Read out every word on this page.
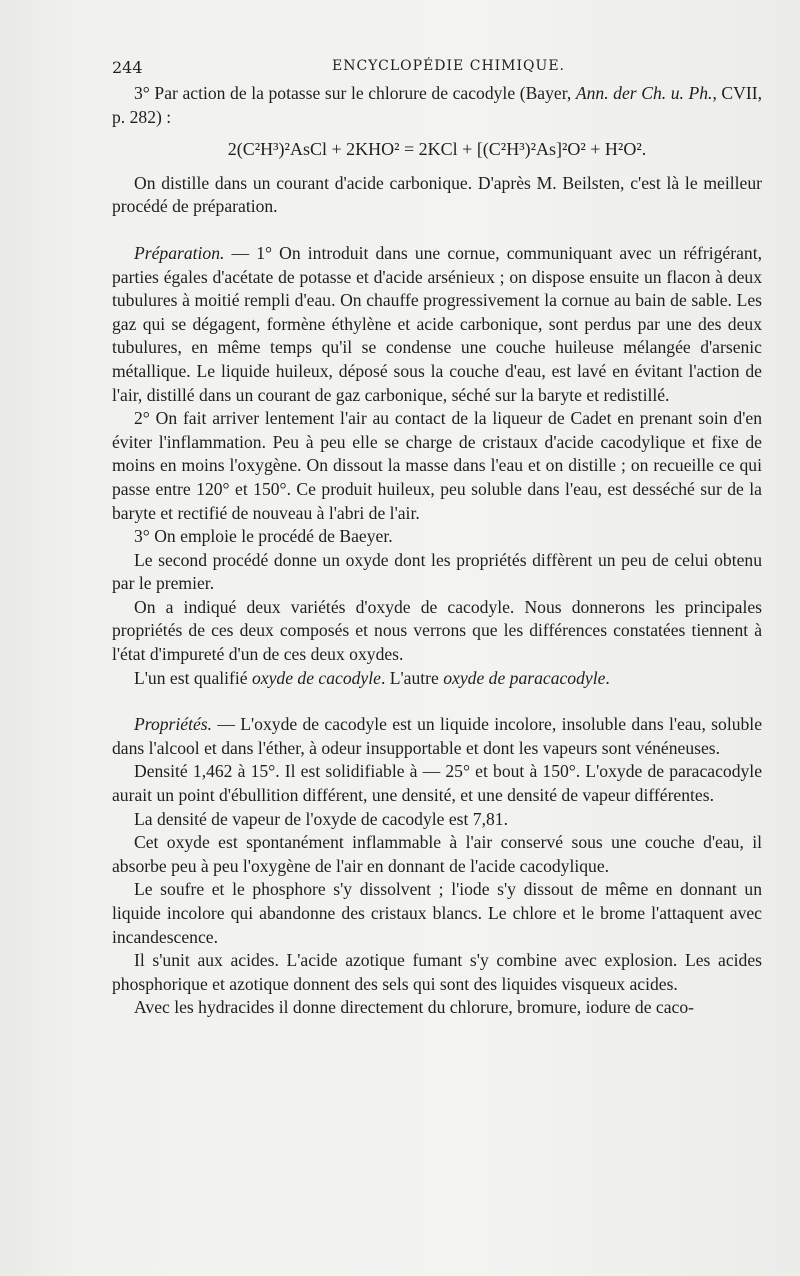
244	ENCYCLOPÉDIE CHIMIQUE.

3° Par action de la potasse sur le chlorure de cacodyle (Bayer, Ann. der Ch. u. Ph., CVII, p. 282) :

2(C²H³)²AsCl + 2KHO² = 2KCl + [(C²H³)²As]²O² + H²O².

On distille dans un courant d'acide carbonique. D'après M. Beilsten, c'est là le meilleur procédé de préparation.

Préparation. — 1° On introduit dans une cornue, communiquant avec un réfrigérant, parties égales d'acétate de potasse et d'acide arsénieux ; on dispose ensuite un flacon à deux tubulures à moitié rempli d'eau. On chauffe progressivement la cornue au bain de sable. Les gaz qui se dégagent, formène éthylène et acide carbonique, sont perdus par une des deux tubulures, en même temps qu'il se condense une couche huileuse mélangée d'arsenic métallique. Le liquide huileux, déposé sous la couche d'eau, est lavé en évitant l'action de l'air, distillé dans un courant de gaz carbonique, séché sur la baryte et redistillé.

2° On fait arriver lentement l'air au contact de la liqueur de Cadet en prenant soin d'en éviter l'inflammation. Peu à peu elle se charge de cristaux d'acide cacodylique et fixe de moins en moins l'oxygène. On dissout la masse dans l'eau et on distille ; on recueille ce qui passe entre 120° et 150°. Ce produit huileux, peu soluble dans l'eau, est desséché sur de la baryte et rectifié de nouveau à l'abri de l'air.

3° On emploie le procédé de Baeyer.

Le second procédé donne un oxyde dont les propriétés diffèrent un peu de celui obtenu par le premier.

On a indiqué deux variétés d'oxyde de cacodyle. Nous donnerons les principales propriétés de ces deux composés et nous verrons que les différences constatées tiennent à l'état d'impureté d'un de ces deux oxydes.

L'un est qualifié oxyde de cacodyle. L'autre oxyde de paracacodyle.

Propriétés. — L'oxyde de cacodyle est un liquide incolore, insoluble dans l'eau, soluble dans l'alcool et dans l'éther, à odeur insupportable et dont les vapeurs sont vénéneuses.

Densité 1,462 à 15°. Il est solidifiable à — 25° et bout à 150°. L'oxyde de paracacodyle aurait un point d'ébullition différent, une densité, et une densité de vapeur différentes.

La densité de vapeur de l'oxyde de cacodyle est 7,81.

Cet oxyde est spontanément inflammable à l'air conservé sous une couche d'eau, il absorbe peu à peu l'oxygène de l'air en donnant de l'acide cacodylique.

Le soufre et le phosphore s'y dissolvent ; l'iode s'y dissout de même en donnant un liquide incolore qui abandonne des cristaux blancs. Le chlore et le brome l'attaquent avec incandescence.

Il s'unit aux acides. L'acide azotique fumant s'y combine avec explosion. Les acides phosphorique et azotique donnent des sels qui sont des liquides visqueux acides.

Avec les hydracides il donne directement du chlorure, bromure, iodure de caco-
